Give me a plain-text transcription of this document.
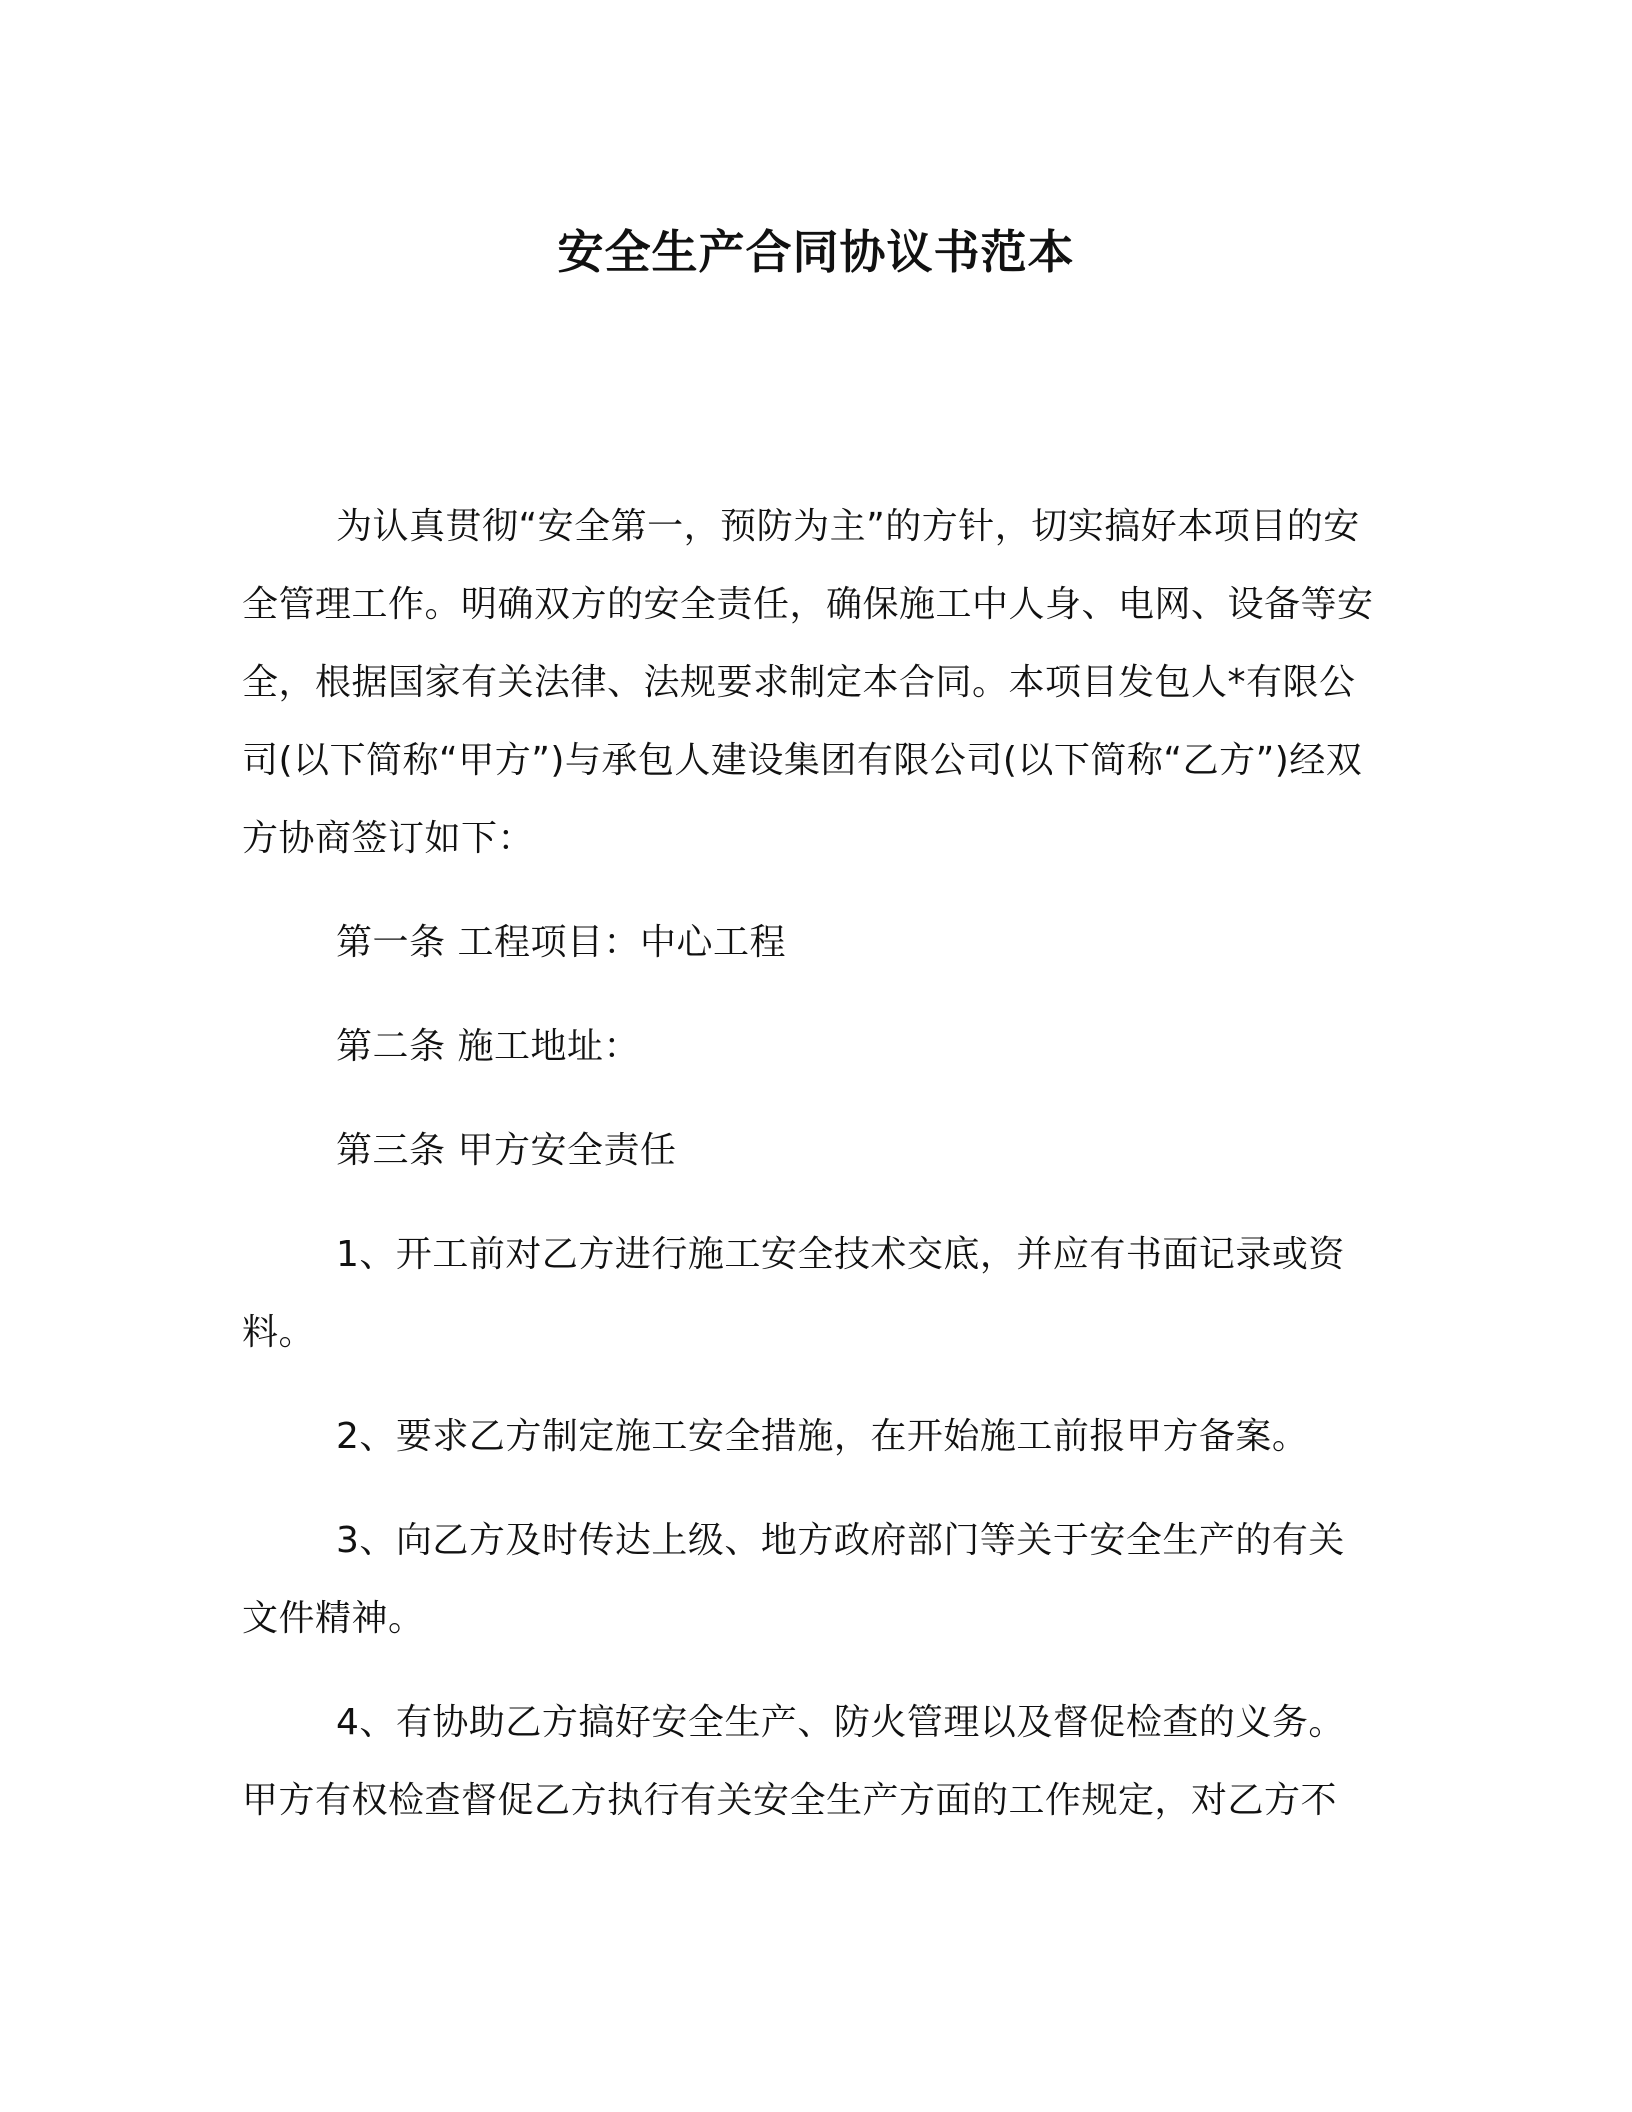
安全生产合同协议书范本

为认真贯彻“安全第一，预防为主”的方针，切实搞好本项目的安全管理工作。明确双方的安全责任，确保施工中人身、电网、设备等安全，根据国家有关法律、法规要求制定本合同。本项目发包人*有限公司(以下简称“甲方”)与承包人建设集团有限公司(以下简称“乙方”)经双方协商签订如下：

第一条 工程项目：中心工程

第二条 施工地址：

第三条 甲方安全责任

1、开工前对乙方进行施工安全技术交底，并应有书面记录或资料。

2、要求乙方制定施工安全措施，在开始施工前报甲方备案。

3、向乙方及时传达上级、地方政府部门等关于安全生产的有关文件精神。

4、有协助乙方搞好安全生产、防火管理以及督促检查的义务。甲方有权检查督促乙方执行有关安全生产方面的工作规定，对乙方不
